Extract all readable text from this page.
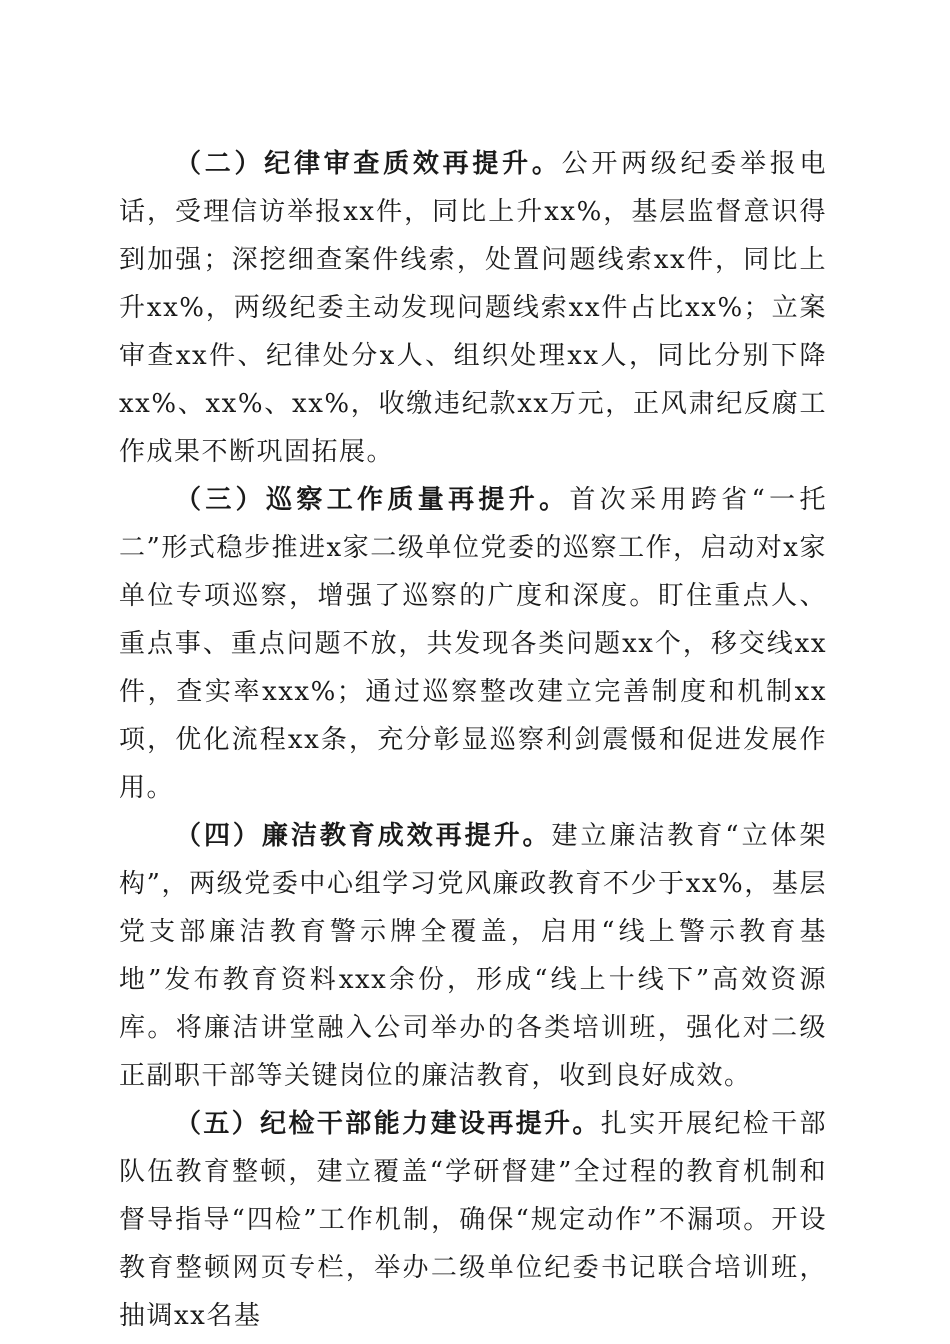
（二）纪律审查质效再提升。公开两级纪委举报电话，受理信访举报xx件，同比上升xx%，基层监督意识得到加强；深挖细查案件线索，处置问题线索xx件，同比上升xx%，两级纪委主动发现问题线索xx件占比xx%；立案审查xx件、纪律处分x人、组织处理xx人，同比分别下降xx%、xx%、xx%，收缴违纪款xx万元，正风肃纪反腐工作成果不断巩固拓展。

（三）巡察工作质量再提升。首次采用跨省“一托二”形式稳步推进x家二级单位党委的巡察工作，启动对x家单位专项巡察，增强了巡察的广度和深度。盯住重点人、重点事、重点问题不放，共发现各类问题xx个，移交线xx件，查实率xxx%；通过巡察整改建立完善制度和机制xx项，优化流程xx条，充分彰显巡察利剑震慑和促进发展作用。

（四）廉洁教育成效再提升。建立廉洁教育“立体架构”，两级党委中心组学习党风廉政教育不少于xx%，基层党支部廉洁教育警示牌全覆盖，启用“线上警示教育基地”发布教育资料xxx余份，形成“线上十线下”高效资源库。将廉洁讲堂融入公司举办的各类培训班，强化对二级正副职干部等关键岗位的廉洁教育，收到良好成效。

（五）纪检干部能力建设再提升。扎实开展纪检干部队伍教育整顿，建立覆盖“学研督建”全过程的教育机制和督导指导“四检”工作机制，确保“规定动作”不漏项。开设教育整顿网页专栏，举办二级单位纪委书记联合培训班，抽调xx名基
